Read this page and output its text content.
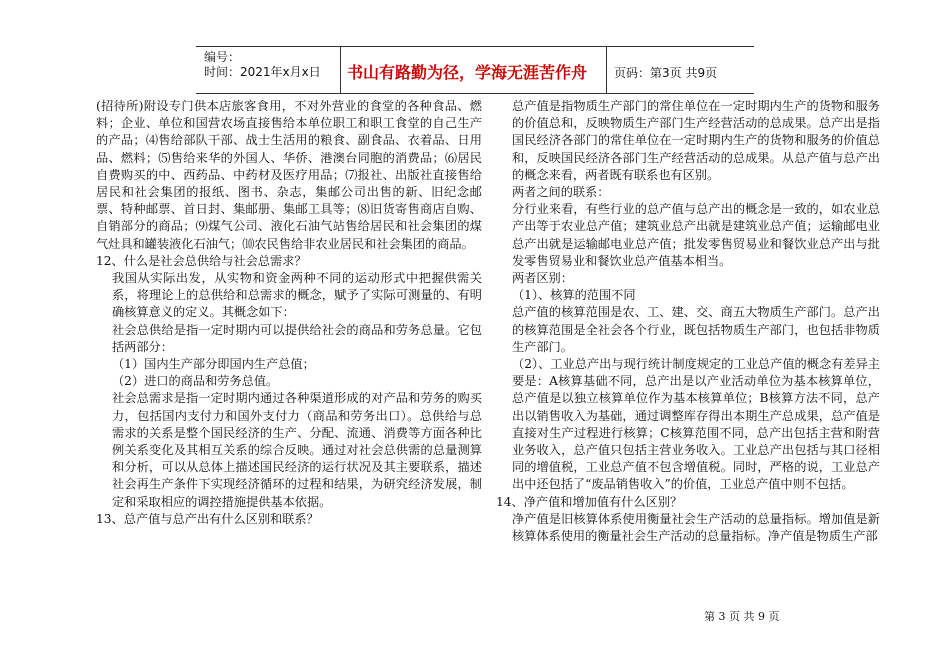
编号：
时间：2021年x月x日	书山有路勤为径，学海无涯苦作舟	页码：第3页 共9页

(招待所)附设专门供本店旅客食用，不对外营业的食堂的各种食品、燃料；企业、单位和国营农场直接售给本单位职工和职工食堂的自己生产的产品；⑷售给部队干部、战士生活用的粮食、副食品、衣着品、日用品、燃料；⑸售给来华的外国人、华侨、港澳台同胞的消费品；⑹居民自费购买的中、西药品、中药材及医疗用品；⑺报社、出版社直接售给居民和社会集团的报纸、图书、杂志，集邮公司出售的新、旧纪念邮票、特种邮票、首日封、集邮册、集邮工具等；⑻旧货寄售商店自购、自销部分的商品；⑼煤气公司、液化石油气站售给居民和社会集团的煤气灶具和罐装液化石油气；⑽农民售给非农业居民和社会集团的商品。

12、什么是社会总供给与社会总需求？

我国从实际出发，从实物和资金两种不同的运动形式中把握供需关系，将理论上的总供给和总需求的概念，赋予了实际可测量的、有明确核算意义的定义。其概念如下：

社会总供给是指一定时期内可以提供给社会的商品和劳务总量。它包括两部分：

（1）国内生产部分即国内生产总值；

（2）进口的商品和劳务总值。

社会总需求是指一定时期内通过各种渠道形成的对产品和劳务的购买力，包括国内支付力和国外支付力（商品和劳务出口）。总供给与总需求的关系是整个国民经济的生产、分配、流通、消费等方面各种比例关系变化及其相互关系的综合反映。通过对社会总供需的总量测算和分析，可以从总体上描述国民经济的运行状况及其主要联系，描述社会再生产条件下实现经济循环的过程和结果，为研究经济发展，制定和采取相应的调控措施提供基本依据。

13、总产值与总产出有什么区别和联系？

总产值是指物质生产部门的常住单位在一定时期内生产的货物和服务的价值总和，反映物质生产部门生产经营活动的总成果。总产出是指国民经济各部门的常住单位在一定时期内生产的货物和服务的价值总和，反映国民经济各部门生产经营活动的总成果。从总产值与总产出的概念来看，两者既有联系也有区别。

两者之间的联系：

分行业来看，有些行业的总产值与总产出的概念是一致的，如农业总产出等于农业总产值；建筑业总产出就是建筑业总产值；运输邮电业总产出就是运输邮电业总产值；批发零售贸易业和餐饮业总产出与批发零售贸易业和餐饮业总产值基本相当。

两者区别：

（1）、核算的范围不同

总产值的核算范围是农、工、建、交、商五大物质生产部门。总产出的核算范围是全社会各个行业，既包括物质生产部门，也包括非物质生产部门。

（2）、工业总产出与现行统计制度规定的工业总产值的概念有差异主要是：A核算基础不同，总产出是以产业活动单位为基本核算单位，总产值是以独立核算单位作为基本核算单位；B核算方法不同，总产出以销售收入为基础，通过调整库存得出本期生产总成果，总产值是直接对生产过程进行核算；C核算范围不同，总产出包括主营和附营业务收入，总产值只包括主营业务收入。工业总产出包括与其口径相同的增值税，工业总产值不包含增值税。同时，严格的说，工业总产出中还包括了“废品销售收入”的价值，工业总产值中则不包括。

14、净产值和增加值有什么区别？

净产值是旧核算体系使用衡量社会生产活动的总量指标。增加值是新核算体系使用的衡量社会生产活动的总量指标。净产值是物质生产部

第 3 页 共 9 页
